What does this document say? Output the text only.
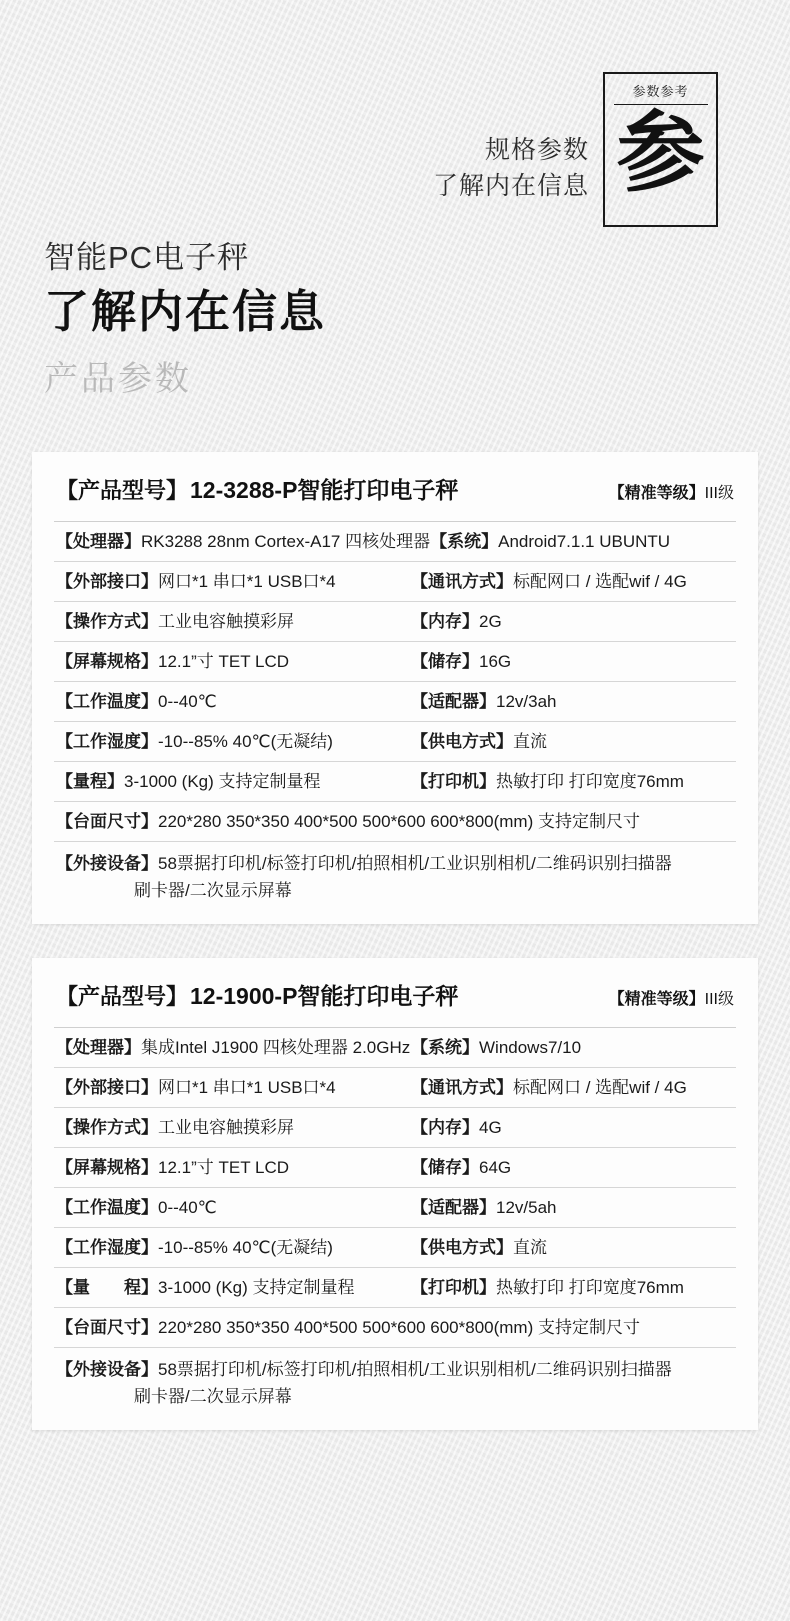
规格参数
了解内在信息
参数参考
参
智能PC电子秤
了解内在信息
产品参数
【产品型号】 12-3288-P智能打印电子秤	【精准等级】III级
【处理器】RK3288 28nm Cortex-A17 四核处理器 【系统】Android7.1.1 UBUNTU
【外部接口】网口*1 串口*1 USB口*4	【通讯方式】标配网口 / 选配wif / 4G
【操作方式】工业电容触摸彩屏	【内存】2G
【屏幕规格】12.1”寸 TET LCD	【储存】16G
【工作温度】0--40℃	【适配器】12v/3ah
【工作湿度】-10--85% 40℃(无凝结)	【供电方式】直流
【量程】3-1000 (Kg) 支持定制量程	【打印机】热敏打印 打印宽度76mm
【台面尺寸】220*280 350*350 400*500 500*600 600*800(mm) 支持定制尺寸
【外接设备】58票据打印机/标签打印机/拍照相机/工业识别相机/二维码识别扫描器
刷卡器/二次显示屏幕
【产品型号】 12-1900-P智能打印电子秤	【精准等级】III级
【处理器】集成Intel J1900 四核处理器 2.0GHz 【系统】Windows7/10
【外部接口】网口*1 串口*1 USB口*4	【通讯方式】标配网口 / 选配wif / 4G
【操作方式】工业电容触摸彩屏	【内存】4G
【屏幕规格】12.1”寸 TET LCD	【储存】64G
【工作温度】0--40℃	【适配器】12v/5ah
【工作湿度】-10--85% 40℃(无凝结)	【供电方式】直流
【量　　程】3-1000 (Kg) 支持定制量程	【打印机】热敏打印 打印宽度76mm
【台面尺寸】220*280 350*350 400*500 500*600 600*800(mm) 支持定制尺寸
【外接设备】58票据打印机/标签打印机/拍照相机/工业识别相机/二维码识别扫描器
刷卡器/二次显示屏幕
